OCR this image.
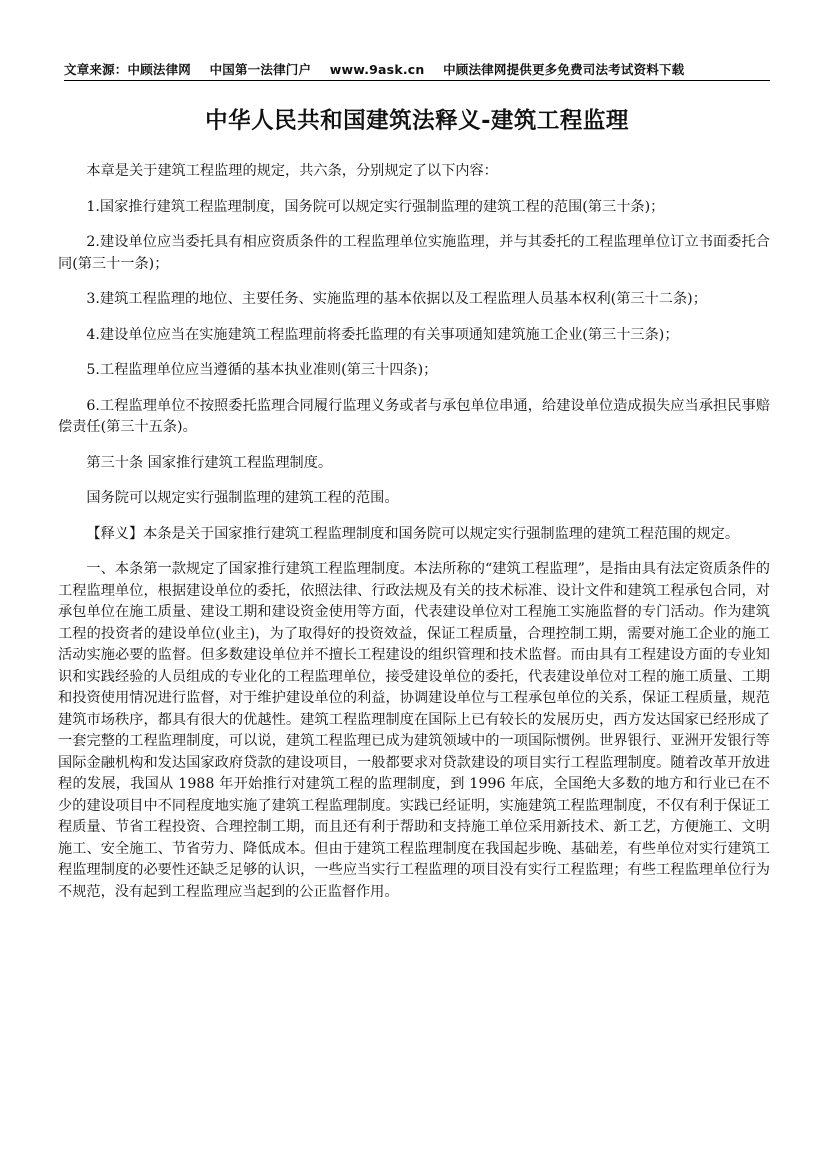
文章来源：中顾法律网 中国第一法律门户 www.9ask.cn 中顾法律网提供更多免费司法考试资料下载
中华人民共和国建筑法释义-建筑工程监理

本章是关于建筑工程监理的规定，共六条，分别规定了以下内容：

1.国家推行建筑工程监理制度，国务院可以规定实行强制监理的建筑工程的范围(第三十条)；

2.建设单位应当委托具有相应资质条件的工程监理单位实施监理，并与其委托的工程监理单位订立书面委托合同(第三十一条)；

3.建筑工程监理的地位、主要任务、实施监理的基本依据以及工程监理人员基本权利(第三十二条)；

4.建设单位应当在实施建筑工程监理前将委托监理的有关事项通知建筑施工企业(第三十三条)；

5.工程监理单位应当遵循的基本执业准则(第三十四条)；

6.工程监理单位不按照委托监理合同履行监理义务或者与承包单位串通，给建设单位造成损失应当承担民事赔偿责任(第三十五条)。

第三十条 国家推行建筑工程监理制度。

国务院可以规定实行强制监理的建筑工程的范围。

【释义】本条是关于国家推行建筑工程监理制度和国务院可以规定实行强制监理的建筑工程范围的规定。

一、本条第一款规定了国家推行建筑工程监理制度。本法所称的“建筑工程监理”，是指由具有法定资质条件的工程监理单位，根据建设单位的委托，依照法律、行政法规及有关的技术标准、设计文件和建筑工程承包合同，对承包单位在施工质量、建设工期和建设资金使用等方面，代表建设单位对工程施工实施监督的专门活动。作为建筑工程的投资者的建设单位(业主)，为了取得好的投资效益，保证工程质量，合理控制工期，需要对施工企业的施工活动实施必要的监督。但多数建设单位并不擅长工程建设的组织管理和技术监督。而由具有工程建设方面的专业知识和实践经验的人员组成的专业化的工程监理单位，接受建设单位的委托，代表建设单位对工程的施工质量、工期和投资使用情况进行监督，对于维护建设单位的利益，协调建设单位与工程承包单位的关系，保证工程质量，规范建筑市场秩序，都具有很大的优越性。建筑工程监理制度在国际上已有较长的发展历史，西方发达国家已经形成了一套完整的工程监理制度，可以说，建筑工程监理已成为建筑领域中的一项国际惯例。世界银行、亚洲开发银行等国际金融机构和发达国家政府贷款的建设项目，一般都要求对贷款建设的项目实行工程监理制度。随着改革开放进程的发展，我国从 1988 年开始推行对建筑工程的监理制度，到 1996 年底，全国绝大多数的地方和行业已在不少的建设项目中不同程度地实施了建筑工程监理制度。实践已经证明，实施建筑工程监理制度，不仅有利于保证工程质量、节省工程投资、合理控制工期，而且还有利于帮助和支持施工单位采用新技术、新工艺，方便施工、文明施工、安全施工、节省劳力、降低成本。但由于建筑工程监理制度在我国起步晚、基础差，有些单位对实行建筑工程监理制度的必要性还缺乏足够的认识，一些应当实行工程监理的项目没有实行工程监理；有些工程监理单位行为不规范，没有起到工程监理应当起到的公正监督作用。
